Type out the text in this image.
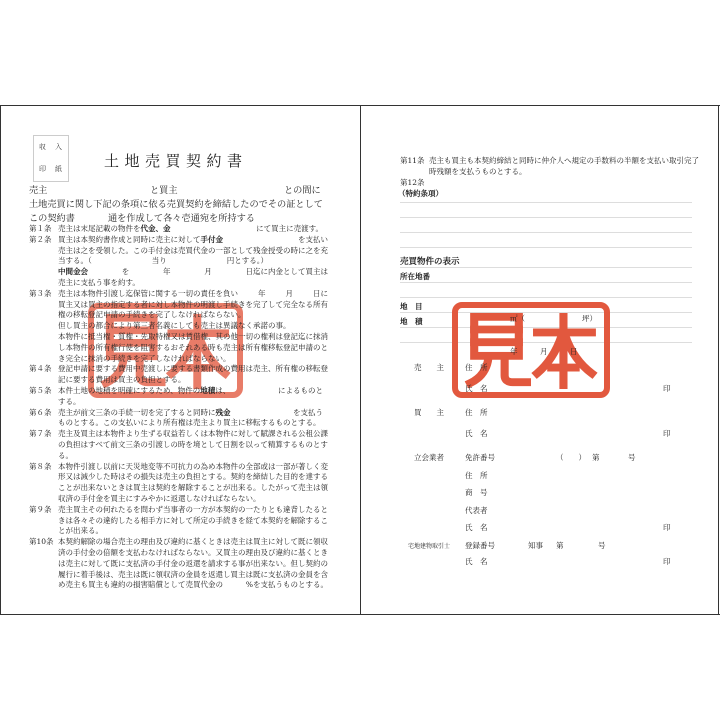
収 入
印 紙	土地売買契約書
売主	と買主	との間に
土地売買に関し下記の条項に依る売買契約を締結したのでその証として
この契約書	通を作成して各々壱通宛を所持する
第１条 売主は末尾記載の物件を代金、金	にて買主に売渡す。
第２条 買主は本契約書作成と同時に売主に対して手付金	を支払い
売主は之を受領した。この手付金は売買代金の一部として残金授受の時に之を充
当する。（	当り	円とする。）
中間金会	を	年	月	日迄に内金として買主は
売主に支払う事を約す。
第３条 売主は本物件引渡し迄保管に関する一切の責任を負い	年	月	日に
買主又は買主の指定する者に対し本物件の明渡し手続きを完了して完全なる所有
権の移転登記申請の手続きを完了しなければならない。
但し買主の都合により第三者名義にしても売主は異議なく承諾の事。
本物件に抵当権・質権・先取特権又は賃借権、其の他一切の権利は登記迄に抹消
し本物件の所有権行使を阻害するおそれある時も売主は所有権移転登記申請のと
き完全に抹消の手続きを完了しなければならない。
第４条 登記申請に要する費用中売渡しに要する書類作成の費用は売主、所有権の移転登
記に要する費用は買主の負担とする。
第５条 本件土地の地積を明確にするため、物件の地積は、	によるものと
する。
第６条 売主が前文三条の手続一切を完了すると同時に残金	を支払う
ものとする。この支払いにより所有権は売主より買主に移転するものとする。
第７条 売主及買主は本物件より生ずる収益若しくは本物件に対して賦課される公租公課
の負担はすべて前文三条の引渡しの時を境として日割を以って精算するものとす
る。
第８条 本物件引渡し以前に天災地変等不可抗力の為め本物件の全部或は一部が著しく変
形又は減少した時はその損失は売主の負担とする。契約を締結した目的を達する
ことが出来ないときは買主は契約を解除することが出来る。したがって売主は領
収済の手付金を買主にすみやかに返還しなければならない。
第９条 売主買主その何れたるを問わず当事者の一方が本契約の一たりとも違背したると
きは各々その違約したる相手方に対して所定の手続きを経て本契約を解除するこ
とが出来る。
第10条 本契約解除の場合売主の理由及び違約に基くときは売主は買主に対して既に領収
済の手付金の倍額を支払わなければならない。又買主の理由及び違約に基くとき
は売主に対して既に支払済の手付金の返還を請求する事が出来ない。但し契約の
履行に着手後は、売主は既に領収済の金員を返還し買主は既に支払済の金員を含
め売主も買主も違約の損害賠償として売買代金の	%を支払うものとする。
第11条 売主も買主も本契約締結と同時に仲介人へ規定の手数料の半額を支払い取引完了
時残額を支払うものとする。
第12条
（特約条項）
売買物件の表示
所在地番
地　目
地　積	㎡（	坪）
年	月	日
売　　主	住　所
氏　名	印
買　　主	住　所
氏　名	印
立会業者	免許番号	（　　） 第	号
住　所
商　号
代表者
氏　名	印
宅地建物取引士 登録番号	知事 第	号
氏　名	印
